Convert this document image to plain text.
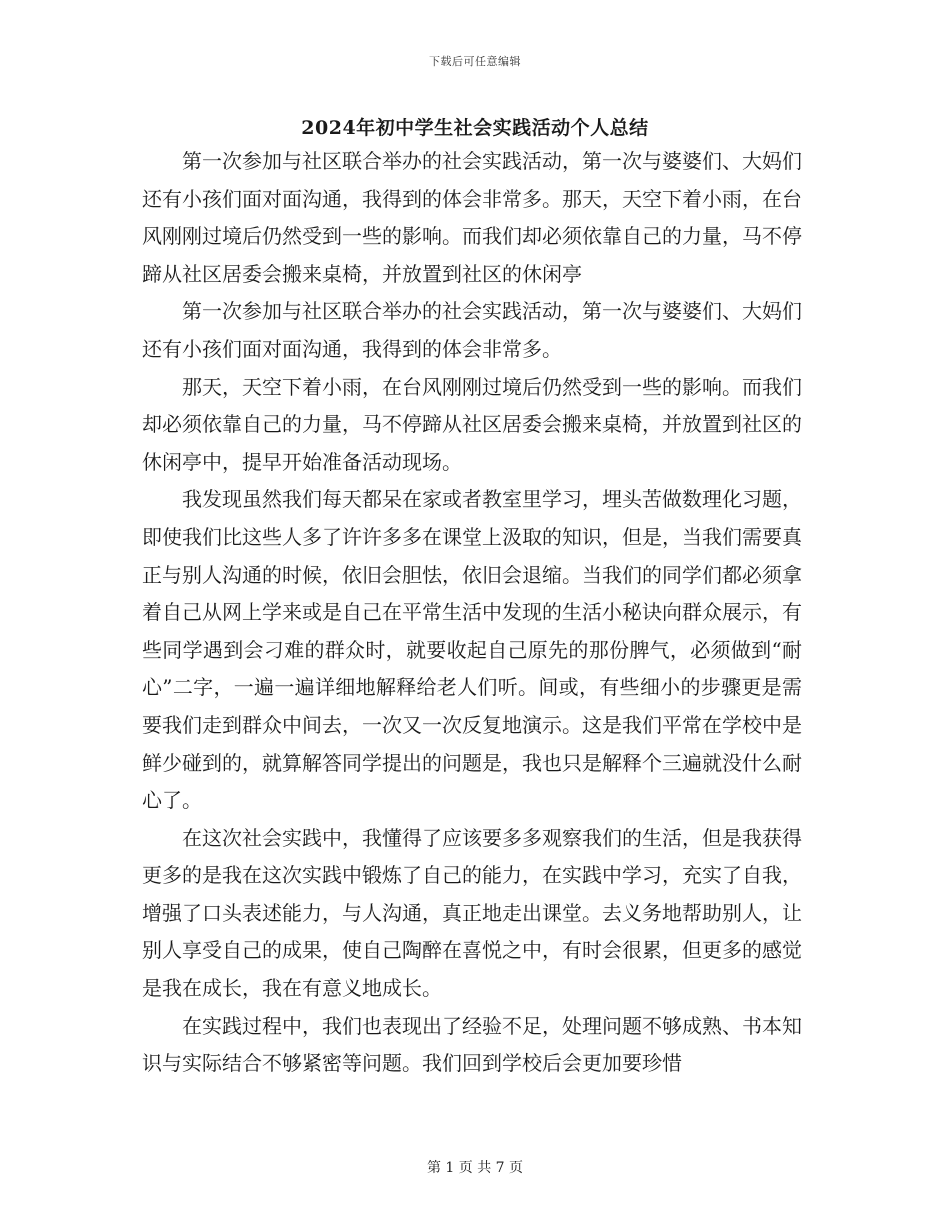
下载后可任意编辑
2024年初中学生社会实践活动个人总结

第一次参加与社区联合举办的社会实践活动，第一次与婆婆们、大妈们还有小孩们面对面沟通，我得到的体会非常多。那天，天空下着小雨，在台风刚刚过境后仍然受到一些的影响。而我们却必须依靠自己的力量，马不停蹄从社区居委会搬来桌椅，并放置到社区的休闲亭

第一次参加与社区联合举办的社会实践活动，第一次与婆婆们、大妈们还有小孩们面对面沟通，我得到的体会非常多。

那天，天空下着小雨，在台风刚刚过境后仍然受到一些的影响。而我们却必须依靠自己的力量，马不停蹄从社区居委会搬来桌椅，并放置到社区的休闲亭中，提早开始准备活动现场。

我发现虽然我们每天都呆在家或者教室里学习，埋头苦做数理化习题，即使我们比这些人多了许许多多在课堂上汲取的知识，但是，当我们需要真正与别人沟通的时候，依旧会胆怯，依旧会退缩。当我们的同学们都必须拿着自己从网上学来或是自己在平常生活中发现的生活小秘诀向群众展示，有些同学遇到会刁难的群众时，就要收起自己原先的那份脾气，必须做到“耐心”二字，一遍一遍详细地解释给老人们听。间或，有些细小的步骤更是需要我们走到群众中间去，一次又一次反复地演示。这是我们平常在学校中是鲜少碰到的，就算解答同学提出的问题是，我也只是解释个三遍就没什么耐心了。

在这次社会实践中，我懂得了应该要多多观察我们的生活，但是我获得更多的是我在这次实践中锻炼了自己的能力，在实践中学习，充实了自我，增强了口头表述能力，与人沟通，真正地走出课堂。去义务地帮助别人，让别人享受自己的成果，使自己陶醉在喜悦之中，有时会很累，但更多的感觉是我在成长，我在有意义地成长。

在实践过程中，我们也表现出了经验不足，处理问题不够成熟、书本知识与实际结合不够紧密等问题。我们回到学校后会更加要珍惜

第 1 页 共 7 页
